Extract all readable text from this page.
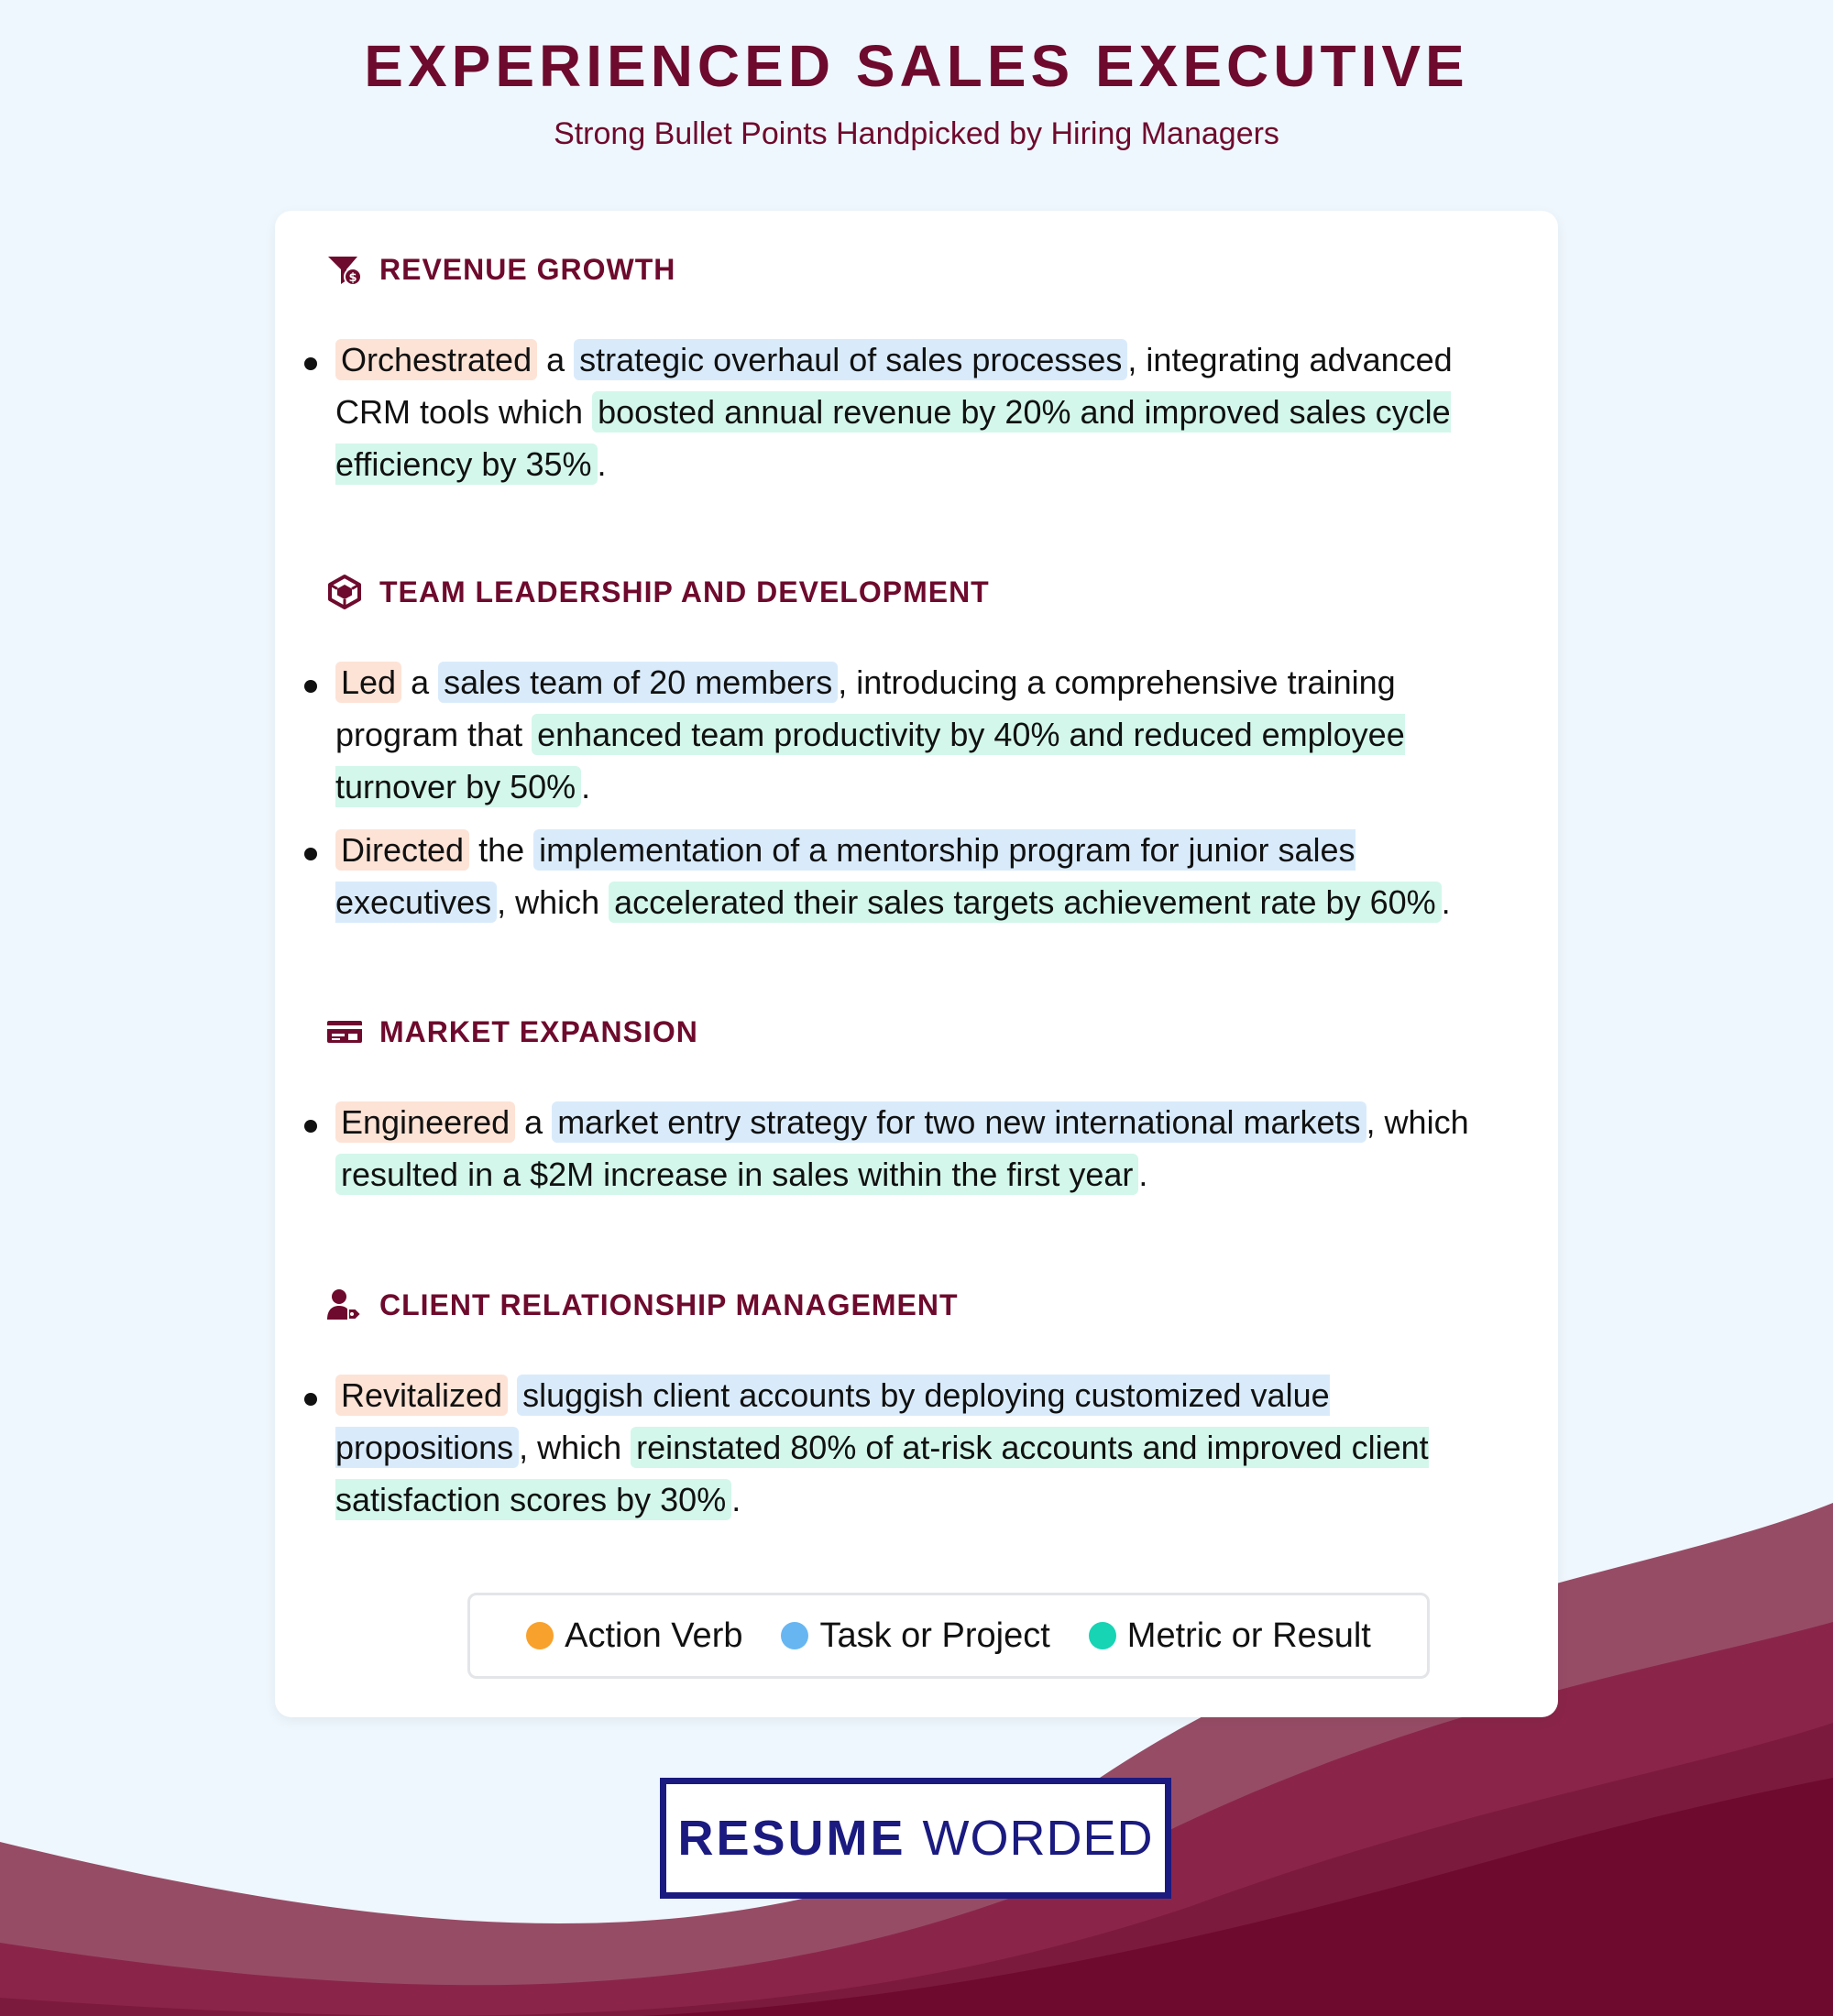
EXPERIENCED SALES EXECUTIVE

Strong Bullet Points Handpicked by Hiring Managers

$ REVENUE GROWTH

Orchestrated a strategic overhaul of sales processes , integrating advanced CRM tools which boosted annual revenue by 20% and improved sales cycle efficiency by 35% .

TEAM LEADERSHIP AND DEVELOPMENT

Led a sales team of 20 members , introducing a comprehensive training program that enhanced team productivity by 40% and reduced employee turnover by 50% .

Directed the implementation of a mentorship program for junior sales executives , which accelerated their sales targets achievement rate by 60% .

MARKET EXPANSION

Engineered a market entry strategy for two new international markets , which resulted in a $2M increase in sales within the first year .

CLIENT RELATIONSHIP MANAGEMENT

Revitalized sluggish client accounts by deploying customized value propositions , which reinstated 80% of at-risk accounts and improved client satisfaction scores by 30% .

Action Verb Task or Project Metric or Result
RESUME WORDED
